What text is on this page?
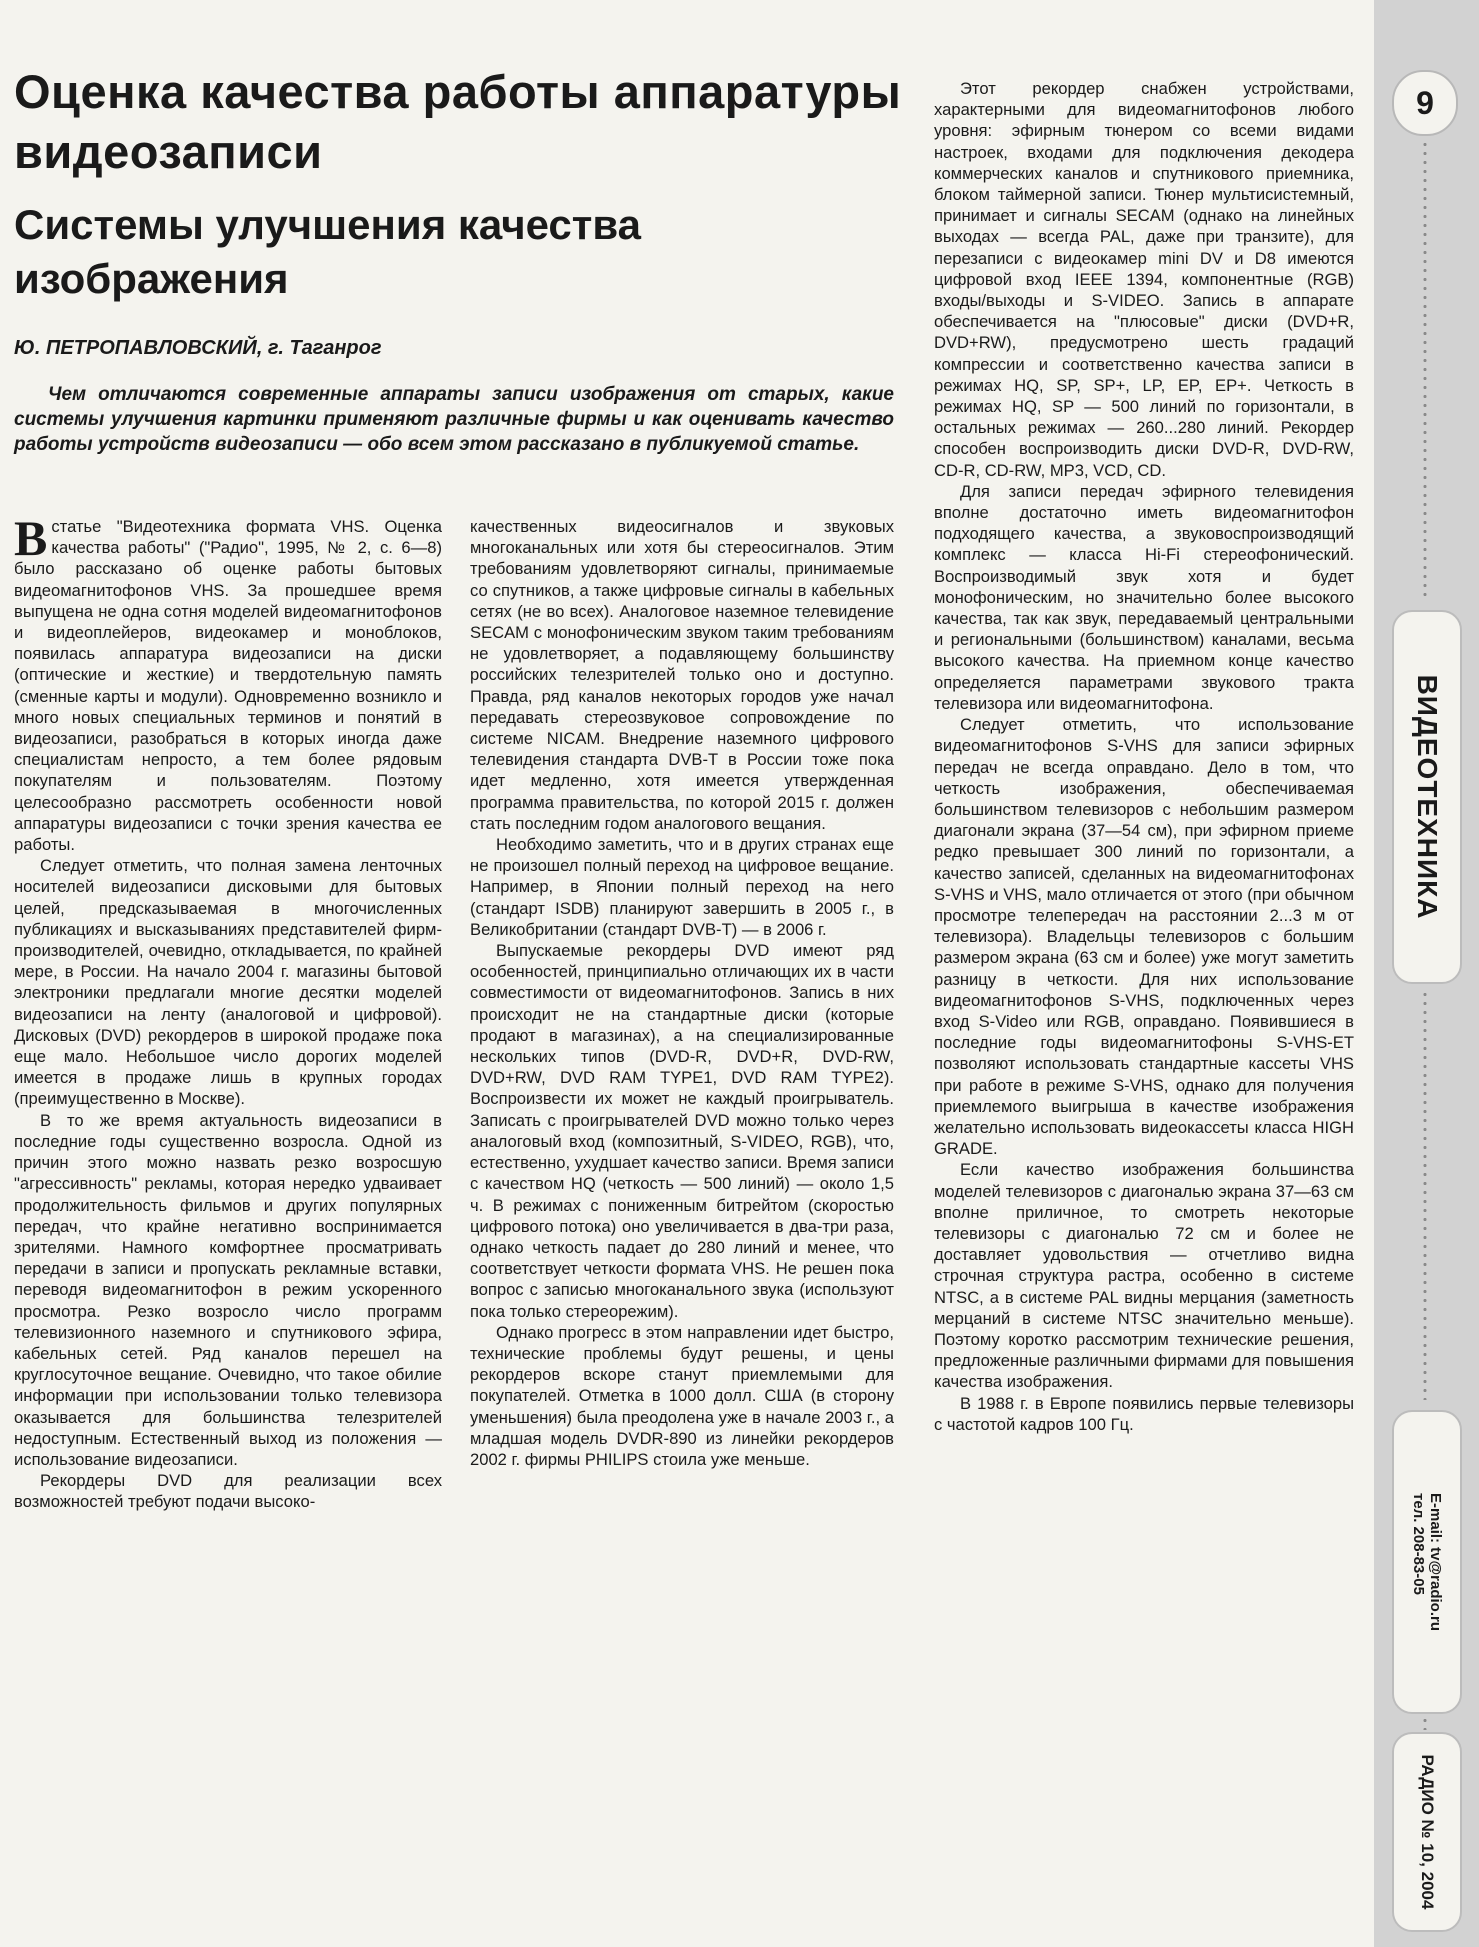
Оценка качества работы аппаратуры видеозаписи
Системы улучшения качества изображения

Ю. ПЕТРОПАВЛОВСКИЙ, г. Таганрог

Чем отличаются современные аппараты записи изображения от старых, какие системы улучшения картинки применяют различные фирмы и как оценивать качество работы устройств видеозаписи — обо всем этом рассказано в публикуемой статье.

Встатье "Видеотехника формата VHS. Оценка качества работы" ("Радио", 1995, № 2, с. 6—8) было рассказано об оценке работы бытовых видеомагнитофонов VHS. За прошедшее время выпущена не одна сотня моделей видеомагнитофонов и видеоплейеров, видеокамер и моноблоков, появилась аппаратура видеозаписи на диски (оптические и жесткие) и твердотельную память (сменные карты и модули). Одновременно возникло и много новых специальных терминов и понятий в видеозаписи, разобраться в которых иногда даже специалистам непросто, а тем более рядовым покупателям и пользователям. Поэтому целесообразно рассмотреть особенности новой аппаратуры видеозаписи с точки зрения качества ее работы.

Следует отметить, что полная замена ленточных носителей видеозаписи дисковыми для бытовых целей, предсказываемая в многочисленных публикациях и высказываниях представителей фирм-производителей, очевидно, откладывается, по крайней мере, в России. На начало 2004 г. магазины бытовой электроники предлагали многие десятки моделей видеозаписи на ленту (аналоговой и цифровой). Дисковых (DVD) рекордеров в широкой продаже пока еще мало. Небольшое число дорогих моделей имеется в продаже лишь в крупных городах (преимущественно в Москве).

В то же время актуальность видеозаписи в последние годы существенно возросла. Одной из причин этого можно назвать резко возросшую "агрессивность" рекламы, которая нередко удваивает продолжительность фильмов и других популярных передач, что крайне негативно воспринимается зрителями. Намного комфортнее просматривать передачи в записи и пропускать рекламные вставки, переводя видеомагнитофон в режим ускоренного просмотра. Резко возросло число программ телевизионного наземного и спутникового эфира, кабельных сетей. Ряд каналов перешел на круглосуточное вещание. Очевидно, что такое обилие информации при использовании только телевизора оказывается для большинства телезрителей недоступным. Естественный выход из положения — использование видеозаписи.

Рекордеры DVD для реализации всех возможностей требуют подачи высоко-

качественных видеосигналов и звуковых многоканальных или хотя бы стереосигналов. Этим требованиям удовлетворяют сигналы, принимаемые со спутников, а также цифровые сигналы в кабельных сетях (не во всех). Аналоговое наземное телевидение SECAM с монофоническим звуком таким требованиям не удовлетворяет, а подавляющему большинству российских телезрителей только оно и доступно. Правда, ряд каналов некоторых городов уже начал передавать стереозвуковое сопровождение по системе NICAM. Внедрение наземного цифрового телевидения стандарта DVB-T в России тоже пока идет медленно, хотя имеется утвержденная программа правительства, по которой 2015 г. должен стать последним годом аналогового вещания.

Необходимо заметить, что и в других странах еще не произошел полный переход на цифровое вещание. Например, в Японии полный переход на него (стандарт ISDB) планируют завершить в 2005 г., в Великобритании (стандарт DVB-T) — в 2006 г.

Выпускаемые рекордеры DVD имеют ряд особенностей, принципиально отличающих их в части совместимости от видеомагнитофонов. Запись в них происходит не на стандартные диски (которые продают в магазинах), а на специализированные нескольких типов (DVD-R, DVD+R, DVD-RW, DVD+RW, DVD RAM TYPE1, DVD RAM TYPE2). Воспроизвести их может не каждый проигрыватель. Записать с проигрывателей DVD можно только через аналоговый вход (композитный, S-VIDEO, RGB), что, естественно, ухудшает качество записи. Время записи с качеством HQ (четкость — 500 линий) — около 1,5 ч. В режимах с пониженным битрейтом (скоростью цифрового потока) оно увеличивается в два-три раза, однако четкость падает до 280 линий и менее, что соответствует четкости формата VHS. Не решен пока вопрос с записью многоканального звука (используют пока только стереорежим).

Однако прогресс в этом направлении идет быстро, технические проблемы будут решены, и цены рекордеров вскоре станут приемлемыми для покупателей. Отметка в 1000 долл. США (в сторону уменьшения) была преодолена уже в начале 2003 г., а младшая модель DVDR-890 из линейки рекордеров 2002 г. фирмы PHILIPS стоила уже меньше.

Этот рекордер снабжен устройствами, характерными для видеомагнитофонов любого уровня: эфирным тюнером со всеми видами настроек, входами для подключения декодера коммерческих каналов и спутникового приемника, блоком таймерной записи. Тюнер мультисистемный, принимает и сигналы SECAM (однако на линейных выходах — всегда PAL, даже при транзите), для перезаписи с видеокамер mini DV и D8 имеются цифровой вход IEEE 1394, компонентные (RGB) входы/выходы и S-VIDEO. Запись в аппарате обеспечивается на "плюсовые" диски (DVD+R, DVD+RW), предусмотрено шесть градаций компрессии и соответственно качества записи в режимах HQ, SP, SP+, LP, EP, EP+. Четкость в режимах HQ, SP — 500 линий по горизонтали, в остальных режимах — 260...280 линий. Рекордер способен воспроизводить диски DVD-R, DVD-RW, CD-R, CD-RW, MP3, VCD, CD.

Для записи передач эфирного телевидения вполне достаточно иметь видеомагнитофон подходящего качества, а звуковоспроизводящий комплекс — класса Hi-Fi стереофонический. Воспроизводимый звук хотя и будет монофоническим, но значительно более высокого качества, так как звук, передаваемый центральными и региональными (большинством) каналами, весьма высокого качества. На приемном конце качество определяется параметрами звукового тракта телевизора или видеомагнитофона.

Следует отметить, что использование видеомагнитофонов S-VHS для записи эфирных передач не всегда оправдано. Дело в том, что четкость изображения, обеспечиваемая большинством телевизоров с небольшим размером диагонали экрана (37—54 см), при эфирном приеме редко превышает 300 линий по горизонтали, а качество записей, сделанных на видеомагнитофонах S-VHS и VHS, мало отличается от этого (при обычном просмотре телепередач на расстоянии 2...3 м от телевизора). Владельцы телевизоров с большим размером экрана (63 см и более) уже могут заметить разницу в четкости. Для них использование видеомагнитофонов S-VHS, подключенных через вход S-Video или RGB, оправдано. Появившиеся в последние годы видеомагнитофоны S-VHS-ET позволяют использовать стандартные кассеты VHS при работе в режиме S-VHS, однако для получения приемлемого выигрыша в качестве изображения желательно использовать видеокассеты класса HIGH GRADE.

Если качество изображения большинства моделей телевизоров с диагональю экрана 37—63 см вполне приличное, то смотреть некоторые телевизоры с диагональю 72 см и более не доставляет удовольствия — отчетливо видна строчная структура растра, особенно в системе NTSC, а в системе PAL видны мерцания (заметность мерцаний в системе NTSC значительно меньше). Поэтому коротко рассмотрим технические решения, предложенные различными фирмами для повышения качества изображения.

В 1988 г. в Европе появились первые телевизоры с частотой кадров 100 Гц.

9
ВИДЕОТЕХНИКА
E-mail: tv@radio.ru
тел. 208-83-05
РАДИО № 10, 2004
